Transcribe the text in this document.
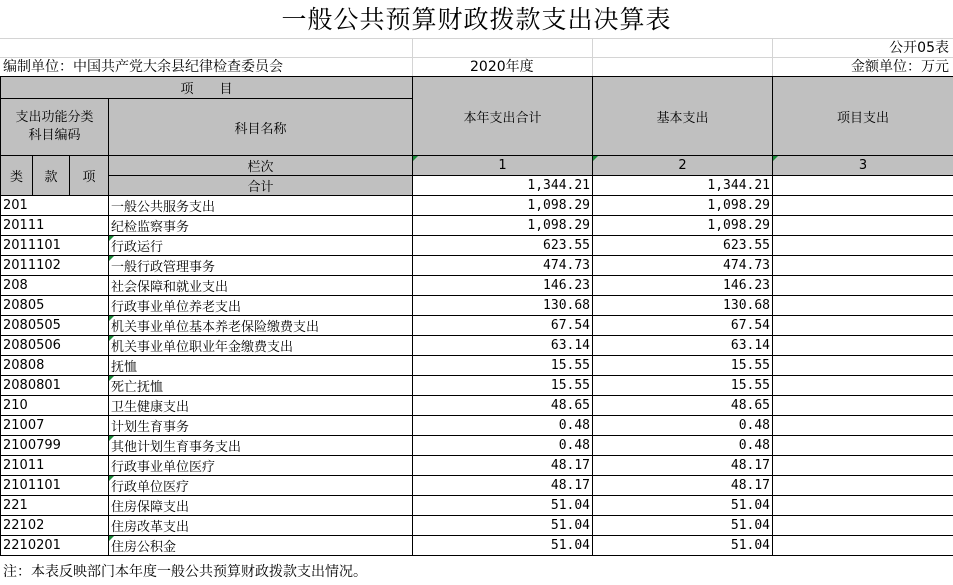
一般公共预算财政拨款支出决算表
公开05表
编制单位：中国共产党大余县纪律检查委员会	2020年度	金额单位：万元
项　　目				本年支出合计	基本支出	项目支出
支出功能分类
科目编码			科目名称			
类	款	项	栏次	1	2	3
			合计	1,344.21	1,344.21	
201			一般公共服务支出	1,098.29	1,098.29	
20111			纪检监察事务	1,098.29	1,098.29	
2011101			行政运行	623.55	623.55	
2011102			一般行政管理事务	474.73	474.73	
208			社会保障和就业支出	146.23	146.23	
20805			行政事业单位养老支出	130.68	130.68	
2080505			机关事业单位基本养老保险缴费支出	67.54	67.54	
2080506			机关事业单位职业年金缴费支出	63.14	63.14	
20808			抚恤	15.55	15.55	
2080801			死亡抚恤	15.55	15.55	
210			卫生健康支出	48.65	48.65	
21007			计划生育事务	0.48	0.48	
2100799			其他计划生育事务支出	0.48	0.48	
21011			行政事业单位医疗	48.17	48.17	
2101101			行政单位医疗	48.17	48.17	
221			住房保障支出	51.04	51.04	
22102			住房改革支出	51.04	51.04	
2210201			住房公积金	51.04	51.04	
注：本表反映部门本年度一般公共预算财政拨款支出情况。
